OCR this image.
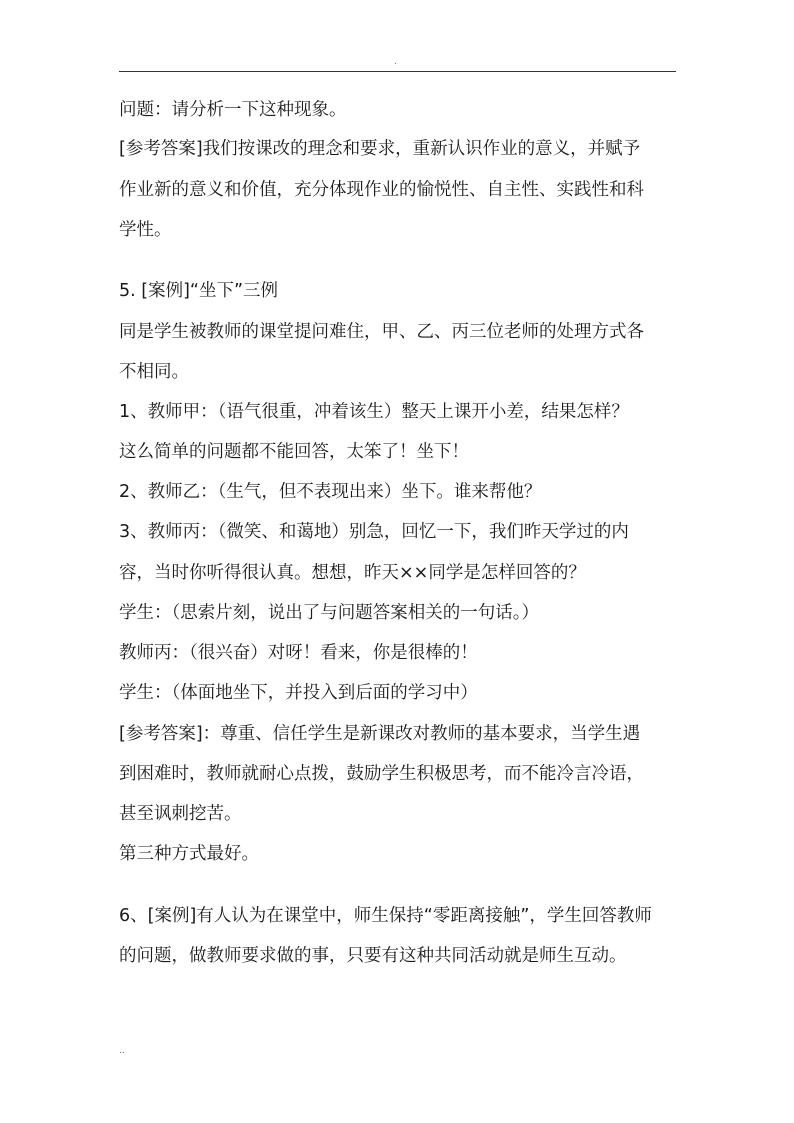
.

问题：请分析一下这种现象。

[参考答案]我们按课改的理念和要求，重新认识作业的意义，并赋予

作业新的意义和价值，充分体现作业的愉悦性、自主性、实践性和科

学性。

5. [案例]“坐下”三例

同是学生被教师的课堂提问难住，甲、乙、丙三位老师的处理方式各

不相同。

1、教师甲：（语气很重，冲着该生）整天上课开小差，结果怎样？

这么简单的问题都不能回答，太笨了！坐下！

2、教师乙：（生气，但不表现出来）坐下。谁来帮他？

3、教师丙：（微笑、和蔼地）别急，回忆一下，我们昨天学过的内

容，当时你听得很认真。想想，昨天××同学是怎样回答的？

学生：（思索片刻，说出了与问题答案相关的一句话。）

教师丙：（很兴奋）对呀！看来，你是很棒的！

学生：（体面地坐下，并投入到后面的学习中）

[参考答案]：尊重、信任学生是新课改对教师的基本要求，当学生遇

到困难时，教师就耐心点拨，鼓励学生积极思考，而不能冷言冷语，

甚至讽刺挖苦。

第三种方式最好。

6、[案例]有人认为在课堂中，师生保持“零距离接触”，学生回答教师

的问题，做教师要求做的事，只要有这种共同活动就是师生互动。

..
